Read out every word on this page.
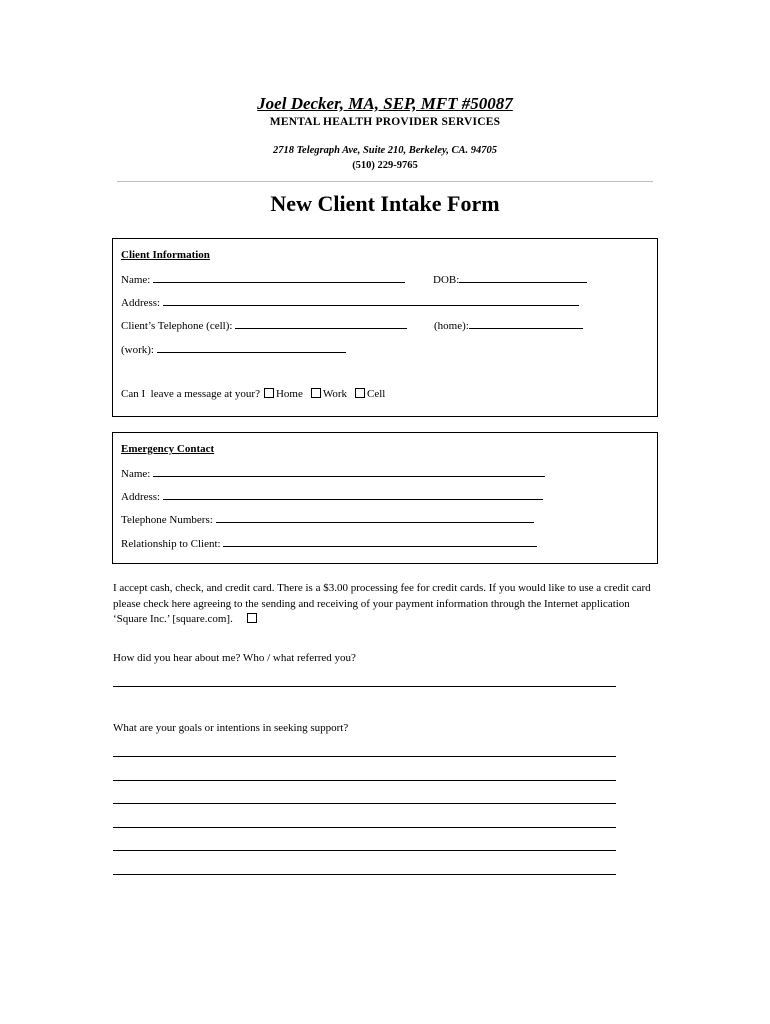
Joel Decker, MA, SEP, MFT #50087
MENTAL HEALTH PROVIDER SERVICES
2718 Telegraph Ave, Suite 210, Berkeley, CA. 94705
(510) 229-9765
New Client Intake Form
Client Information
Name:	DOB:
Address:
Client’s Telephone (cell):	(home):
(work):
Can I  leave a message at your? Home Work Cell
Emergency Contact
Name:
Address:
Telephone Numbers:
Relationship to Client:
I accept cash, check, and credit card. There is a $3.00 processing fee for credit cards. If you would like to use a credit card please check here agreeing to the sending and receiving of your payment information through the Internet application ‘Square Inc.’ [square.com].
How did you hear about me? Who / what referred you?
What are your goals or intentions in seeking support?
